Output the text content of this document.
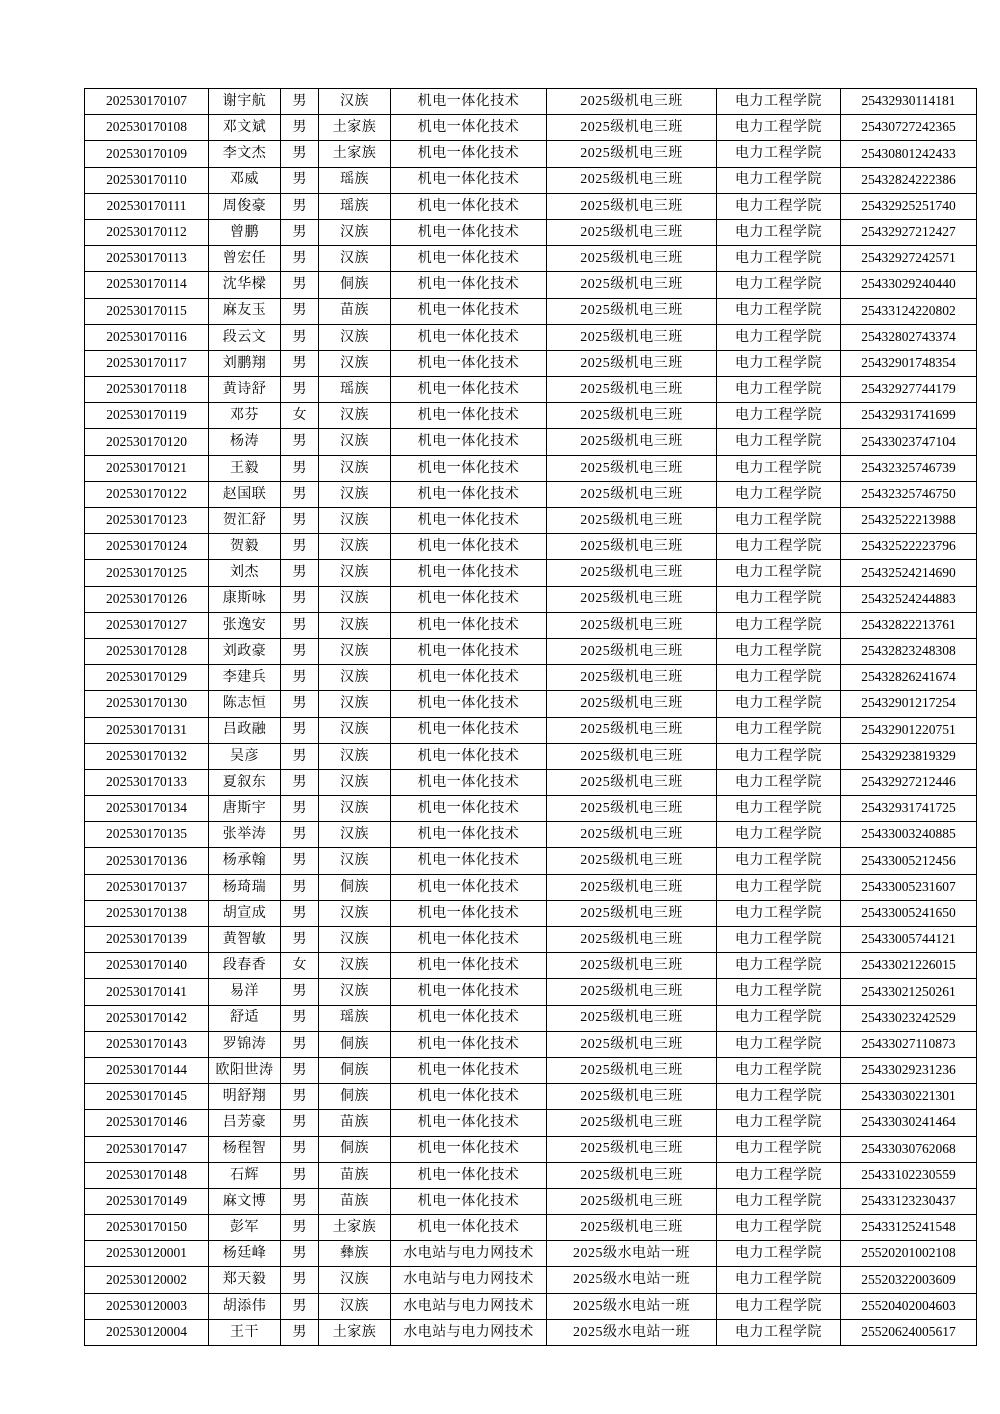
202530170107	谢宇航	男	汉族	机电一体化技术	2025级机电三班	电力工程学院	25432930114181
202530170108	邓文斌	男	土家族	机电一体化技术	2025级机电三班	电力工程学院	25430727242365
202530170109	李文杰	男	土家族	机电一体化技术	2025级机电三班	电力工程学院	25430801242433
202530170110	邓威	男	瑶族	机电一体化技术	2025级机电三班	电力工程学院	25432824222386
202530170111	周俊豪	男	瑶族	机电一体化技术	2025级机电三班	电力工程学院	25432925251740
202530170112	曾鹏	男	汉族	机电一体化技术	2025级机电三班	电力工程学院	25432927212427
202530170113	曾宏任	男	汉族	机电一体化技术	2025级机电三班	电力工程学院	25432927242571
202530170114	沈华樑	男	侗族	机电一体化技术	2025级机电三班	电力工程学院	25433029240440
202530170115	麻友玉	男	苗族	机电一体化技术	2025级机电三班	电力工程学院	25433124220802
202530170116	段云文	男	汉族	机电一体化技术	2025级机电三班	电力工程学院	25432802743374
202530170117	刘鹏翔	男	汉族	机电一体化技术	2025级机电三班	电力工程学院	25432901748354
202530170118	黄诗舒	男	瑶族	机电一体化技术	2025级机电三班	电力工程学院	25432927744179
202530170119	邓芬	女	汉族	机电一体化技术	2025级机电三班	电力工程学院	25432931741699
202530170120	杨涛	男	汉族	机电一体化技术	2025级机电三班	电力工程学院	25433023747104
202530170121	王毅	男	汉族	机电一体化技术	2025级机电三班	电力工程学院	25432325746739
202530170122	赵国联	男	汉族	机电一体化技术	2025级机电三班	电力工程学院	25432325746750
202530170123	贺汇舒	男	汉族	机电一体化技术	2025级机电三班	电力工程学院	25432522213988
202530170124	贺毅	男	汉族	机电一体化技术	2025级机电三班	电力工程学院	25432522223796
202530170125	刘杰	男	汉族	机电一体化技术	2025级机电三班	电力工程学院	25432524214690
202530170126	康斯咏	男	汉族	机电一体化技术	2025级机电三班	电力工程学院	25432524244883
202530170127	张逸安	男	汉族	机电一体化技术	2025级机电三班	电力工程学院	25432822213761
202530170128	刘政豪	男	汉族	机电一体化技术	2025级机电三班	电力工程学院	25432823248308
202530170129	李建兵	男	汉族	机电一体化技术	2025级机电三班	电力工程学院	25432826241674
202530170130	陈志恒	男	汉族	机电一体化技术	2025级机电三班	电力工程学院	25432901217254
202530170131	吕政融	男	汉族	机电一体化技术	2025级机电三班	电力工程学院	25432901220751
202530170132	吴彦	男	汉族	机电一体化技术	2025级机电三班	电力工程学院	25432923819329
202530170133	夏叙东	男	汉族	机电一体化技术	2025级机电三班	电力工程学院	25432927212446
202530170134	唐斯宇	男	汉族	机电一体化技术	2025级机电三班	电力工程学院	25432931741725
202530170135	张举涛	男	汉族	机电一体化技术	2025级机电三班	电力工程学院	25433003240885
202530170136	杨承翰	男	汉族	机电一体化技术	2025级机电三班	电力工程学院	25433005212456
202530170137	杨琦瑞	男	侗族	机电一体化技术	2025级机电三班	电力工程学院	25433005231607
202530170138	胡宣成	男	汉族	机电一体化技术	2025级机电三班	电力工程学院	25433005241650
202530170139	黄智敏	男	汉族	机电一体化技术	2025级机电三班	电力工程学院	25433005744121
202530170140	段春香	女	汉族	机电一体化技术	2025级机电三班	电力工程学院	25433021226015
202530170141	易洋	男	汉族	机电一体化技术	2025级机电三班	电力工程学院	25433021250261
202530170142	舒适	男	瑶族	机电一体化技术	2025级机电三班	电力工程学院	25433023242529
202530170143	罗锦涛	男	侗族	机电一体化技术	2025级机电三班	电力工程学院	25433027110873
202530170144	欧阳世涛	男	侗族	机电一体化技术	2025级机电三班	电力工程学院	25433029231236
202530170145	明舒翔	男	侗族	机电一体化技术	2025级机电三班	电力工程学院	25433030221301
202530170146	吕芳豪	男	苗族	机电一体化技术	2025级机电三班	电力工程学院	25433030241464
202530170147	杨程智	男	侗族	机电一体化技术	2025级机电三班	电力工程学院	25433030762068
202530170148	石辉	男	苗族	机电一体化技术	2025级机电三班	电力工程学院	25433102230559
202530170149	麻文博	男	苗族	机电一体化技术	2025级机电三班	电力工程学院	25433123230437
202530170150	彭军	男	土家族	机电一体化技术	2025级机电三班	电力工程学院	25433125241548
202530120001	杨廷峰	男	彝族	水电站与电力网技术	2025级水电站一班	电力工程学院	25520201002108
202530120002	郑天毅	男	汉族	水电站与电力网技术	2025级水电站一班	电力工程学院	25520322003609
202530120003	胡添伟	男	汉族	水电站与电力网技术	2025级水电站一班	电力工程学院	25520402004603
202530120004	王干	男	土家族	水电站与电力网技术	2025级水电站一班	电力工程学院	25520624005617
